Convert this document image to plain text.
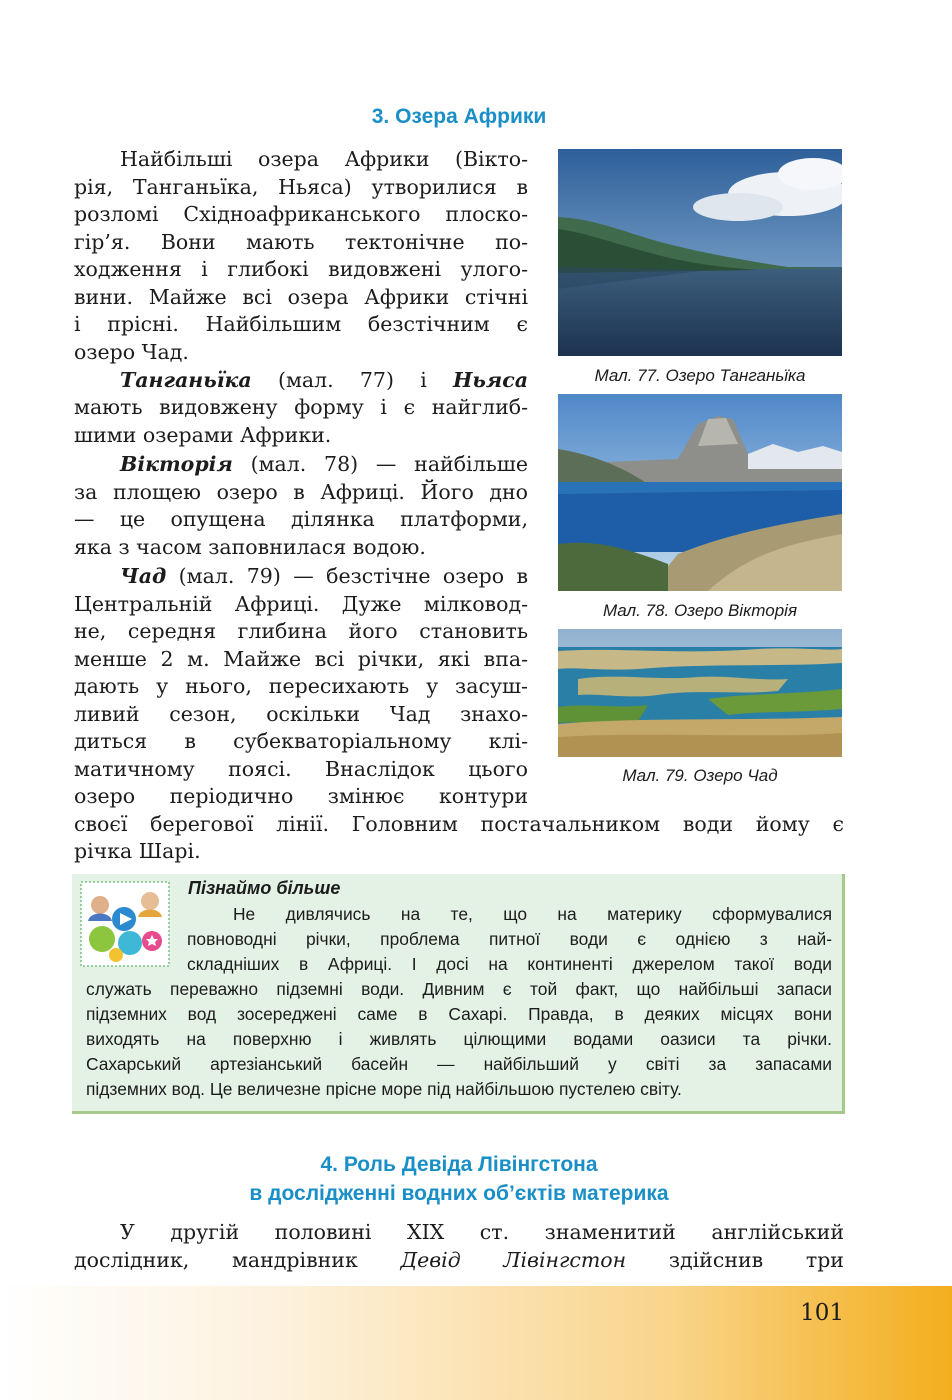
3. Озера Африки
Найбільші озера Африки (Вікто-
рія, Танганьїка, Ньяса) утворилися в
розломі Східноафриканського плоско-
гір’я. Вони мають тектонічне по-
ходження і глибокі видовжені улого-
вини. Майже всі озера Африки стічні
і прісні. Найбільшим безстічним є
озеро Чад.
Танганьїка (мал. 77) і Ньяса
мають видовжену форму і є найглиб-
шими озерами Африки.
Вікторія (мал. 78) — найбільше
за площею озеро в Африці. Його дно
— це опущена ділянка платформи,
яка з часом заповнилася водою.
Чад (мал. 79) — безстічне озеро в
Центральній Африці. Дуже мілковод-
не, середня глибина його становить
менше 2 м. Майже всі річки, які впа-
дають у нього, пересихають у засуш-
ливий сезон, оскільки Чад знахо-
диться в субекваторіальному клі-
матичному поясі. Внаслідок цього
озеро періодично змінює контури
своєї берегової лінії. Головним постачальником води йому є
річка Шарі.
Мал. 77. Озеро Танганьїка
Мал. 78. Озеро Вікторія
Мал. 79. Озеро Чад
Пізнаймо більше
Не дивлячись на те, що на материку сформувалися
повноводні річки, проблема питної води є однією з най-
складніших в Африці. І досі на континенті джерелом такої води
служать переважно підземні води. Дивним є той факт, що найбільші запаси
підземних вод зосереджені саме в Сахарі. Правда, в деяких місцях вони
виходять на поверхню і живлять цілющими водами оазиси та річки.
Сахарський артезіанський басейн — найбільший у світі за запасами
підземних вод. Це величезне прісне море під найбільшою пустелею світу.
4. Роль Девіда Лівінгстона
в дослідженні водних об’єктів материка
У другій половині XIX ст. знаменитий англійський
дослідник, мандрівник Девід Лівінгстон здійснив три
101
